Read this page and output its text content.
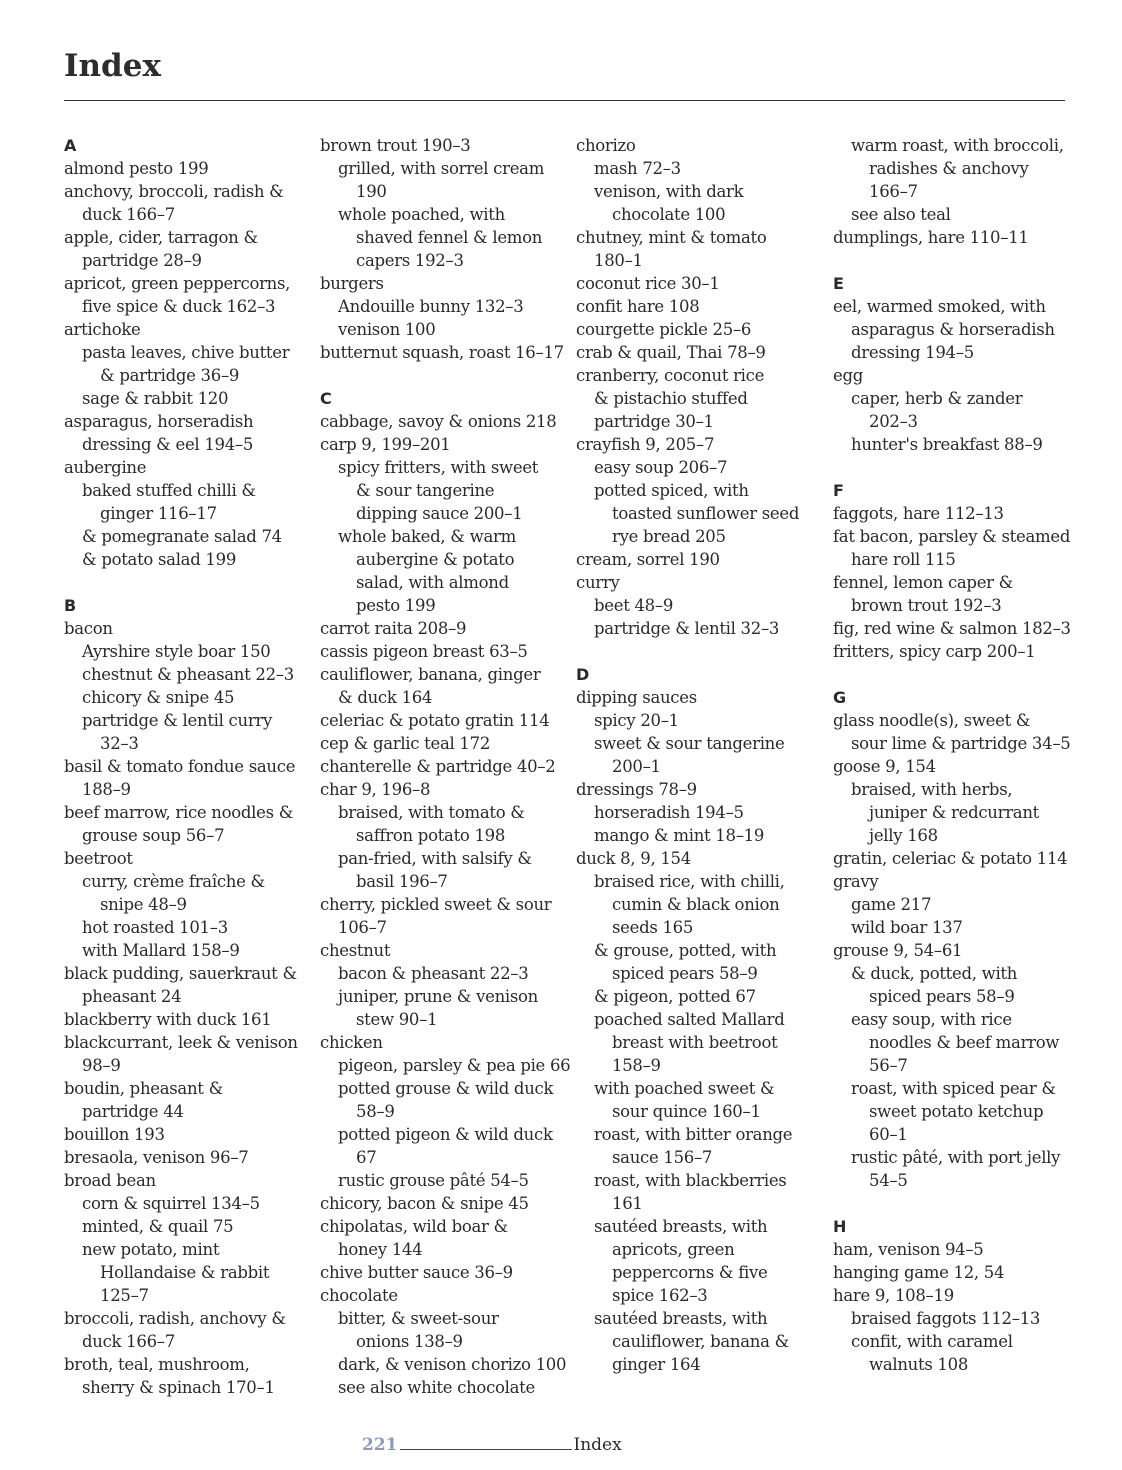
Index
A
almond pesto 199
anchovy, broccoli, radish &
duck 166–7
apple, cider, tarragon &
partridge 28–9
apricot, green peppercorns,
five spice & duck 162–3
artichoke
pasta leaves, chive butter
& partridge 36–9
sage & rabbit 120
asparagus, horseradish
dressing & eel 194–5
aubergine
baked stuffed chilli &
ginger 116–17
& pomegranate salad 74
& potato salad 199
B
bacon
Ayrshire style boar 150
chestnut & pheasant 22–3
chicory & snipe 45
partridge & lentil curry
32–3
basil & tomato fondue sauce
188–9
beef marrow, rice noodles &
grouse soup 56–7
beetroot
curry, crème fraîche &
snipe 48–9
hot roasted 101–3
with Mallard 158–9
black pudding, sauerkraut &
pheasant 24
blackberry with duck 161
blackcurrant, leek & venison
98–9
boudin, pheasant &
partridge 44
bouillon 193
bresaola, venison 96–7
broad bean
corn & squirrel 134–5
minted, & quail 75
new potato, mint
Hollandaise & rabbit
125–7
broccoli, radish, anchovy &
duck 166–7
broth, teal, mushroom,
sherry & spinach 170–1
brown trout 190–3
grilled, with sorrel cream
190
whole poached, with
shaved fennel & lemon
capers 192–3
burgers
Andouille bunny 132–3
venison 100
butternut squash, roast 16–17
C
cabbage, savoy & onions 218
carp 9, 199–201
spicy fritters, with sweet
& sour tangerine
dipping sauce 200–1
whole baked, & warm
aubergine & potato
salad, with almond
pesto 199
carrot raita 208–9
cassis pigeon breast 63–5
cauliflower, banana, ginger
& duck 164
celeriac & potato gratin 114
cep & garlic teal 172
chanterelle & partridge 40–2
char 9, 196–8
braised, with tomato &
saffron potato 198
pan-fried, with salsify &
basil 196–7
cherry, pickled sweet & sour
106–7
chestnut
bacon & pheasant 22–3
juniper, prune & venison
stew 90–1
chicken
pigeon, parsley & pea pie 66
potted grouse & wild duck
58–9
potted pigeon & wild duck
67
rustic grouse pâté 54–5
chicory, bacon & snipe 45
chipolatas, wild boar &
honey 144
chive butter sauce 36–9
chocolate
bitter, & sweet-sour
onions 138–9
dark, & venison chorizo 100
see also white chocolate
chorizo
mash 72–3
venison, with dark
chocolate 100
chutney, mint & tomato
180–1
coconut rice 30–1
confit hare 108
courgette pickle 25–6
crab & quail, Thai 78–9
cranberry, coconut rice
& pistachio stuffed
partridge 30–1
crayfish 9, 205–7
easy soup 206–7
potted spiced, with
toasted sunflower seed
rye bread 205
cream, sorrel 190
curry
beet 48–9
partridge & lentil 32–3
D
dipping sauces
spicy 20–1
sweet & sour tangerine
200–1
dressings 78–9
horseradish 194–5
mango & mint 18–19
duck 8, 9, 154
braised rice, with chilli,
cumin & black onion
seeds 165
& grouse, potted, with
spiced pears 58–9
& pigeon, potted 67
poached salted Mallard
breast with beetroot
158–9
with poached sweet &
sour quince 160–1
roast, with bitter orange
sauce 156–7
roast, with blackberries
161
sautéed breasts, with
apricots, green
peppercorns & five
spice 162–3
sautéed breasts, with
cauliflower, banana &
ginger 164
warm roast, with broccoli,
radishes & anchovy
166–7
see also teal
dumplings, hare 110–11
E
eel, warmed smoked, with
asparagus & horseradish
dressing 194–5
egg
caper, herb & zander
202–3
hunter's breakfast 88–9
F
faggots, hare 112–13
fat bacon, parsley & steamed
hare roll 115
fennel, lemon caper &
brown trout 192–3
fig, red wine & salmon 182–3
fritters, spicy carp 200–1
G
glass noodle(s), sweet &
sour lime & partridge 34–5
goose 9, 154
braised, with herbs,
juniper & redcurrant
jelly 168
gratin, celeriac & potato 114
gravy
game 217
wild boar 137
grouse 9, 54–61
& duck, potted, with
spiced pears 58–9
easy soup, with rice
noodles & beef marrow
56–7
roast, with spiced pear &
sweet potato ketchup
60–1
rustic pâté, with port jelly
54–5
H
ham, venison 94–5
hanging game 12, 54
hare 9, 108–19
braised faggots 112–13
confit, with caramel
walnuts 108
221	Index
